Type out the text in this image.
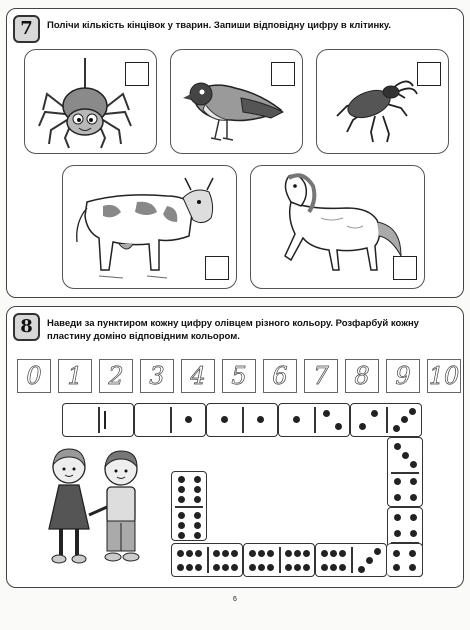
7	Полічи кількість кінцівок у тварин. Запиши відповідну цифру в клітинку.
8	Наведи за пунктиром кожну цифру олівцем різного кольору. Розфарбуй кожну пластину доміно відповідним кольором.
0	1	2	3	4	5	6	7	8	9 10
6
